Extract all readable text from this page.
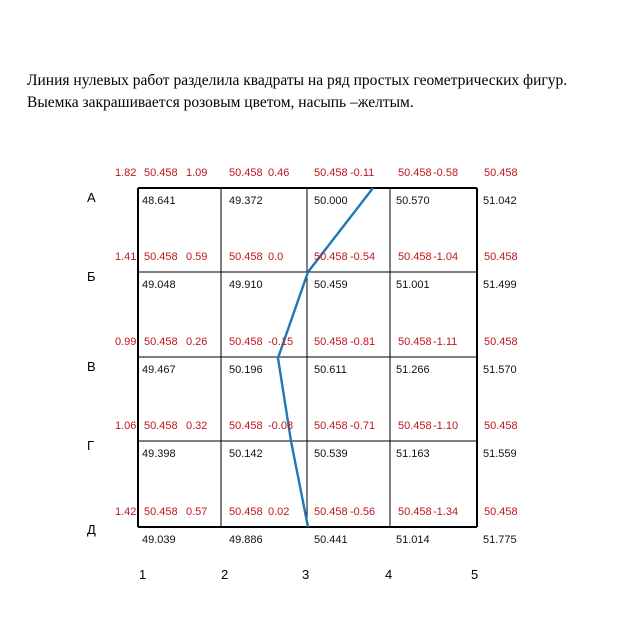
Линия нулевых работ разделила квадраты на ряд простых геометрических фигур. Выемка закрашивается розовым цветом, насыпь –желтым.

А
Б
В
Г
Д
1	2	3	4	5
1.82 50.458 1.09 50.458 0.46 50.458 -0.11 50.458 -0.58 50.458
1.41 50.458 0.59 50.458 0.0	50.458 -0.54 50.458 -1.04 50.458
0.99 50.458 0.26 50.458 -0.15 50.458 -0.81 50.458 -1.11 50.458
1.06 50.458 0.32 50.458 -0.08 50.458 -0.71 50.458 -1.10 50.458
1.42 50.458 0.57 50.458 0.02 50.458 -0.56 50.458 -1.34 50.458
48.641	49.372	50.000	50.570	51.042
49.048	49.910	50.459	51.001	51.499
49.467	50.196	50.611	51.266	51.570
49.398	50.142	50.539	51.163	51.559
49.039	49.886	50.441	51.014	51.775
